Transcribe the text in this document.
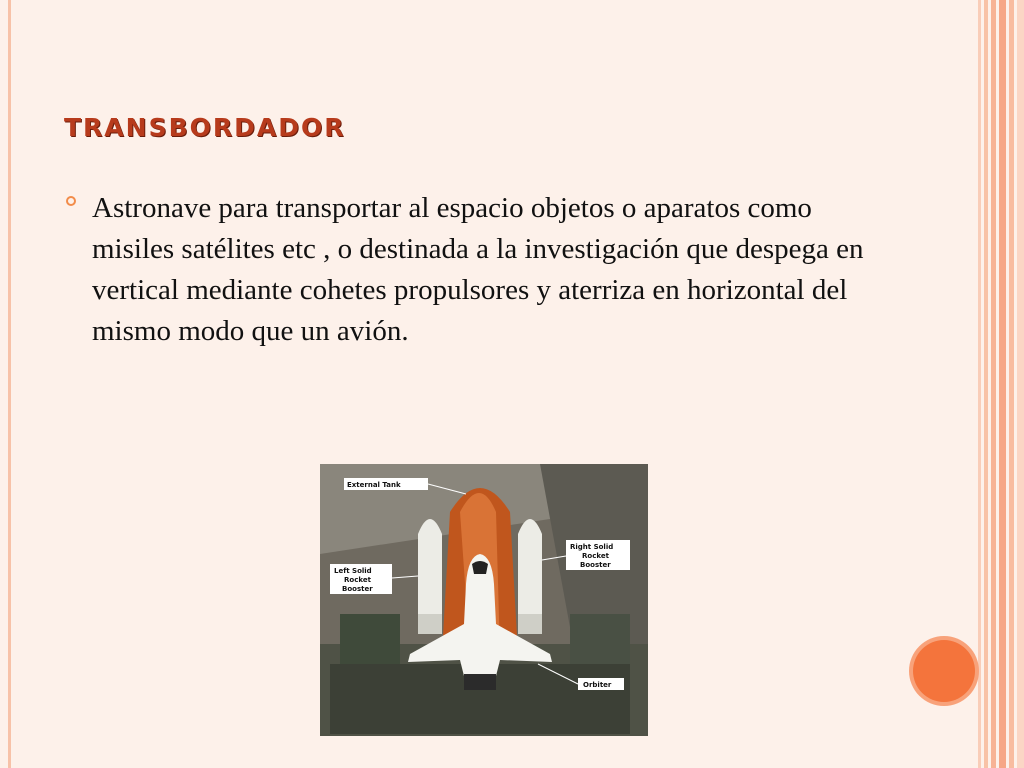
transbordador
Astronave para transportar al espacio objetos o aparatos como misiles satélites etc , o destinada a la investigación que despega en vertical mediante cohetes propulsores y aterriza en horizontal del mismo modo que un avión.
External Tank
Right Solid
Rocket
Booster
Left Solid
Rocket
Booster
Orbiter
